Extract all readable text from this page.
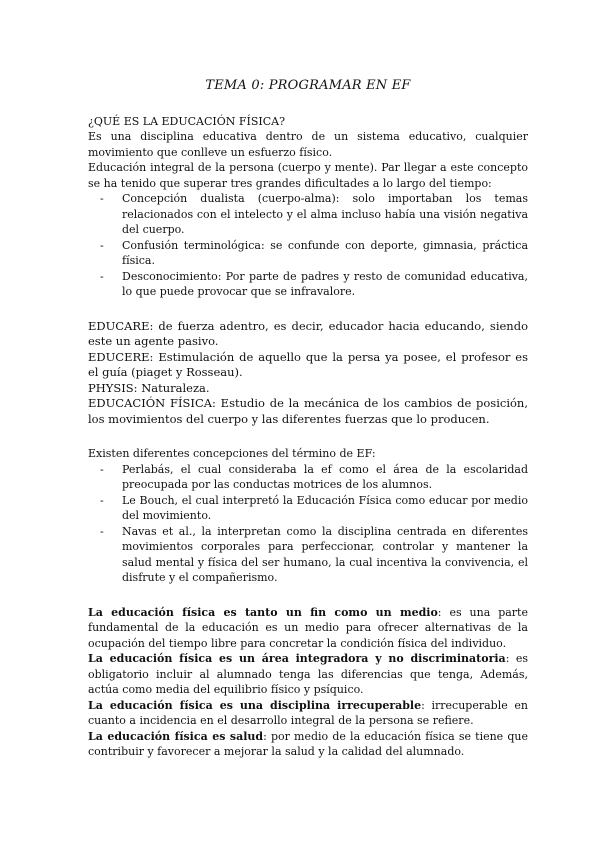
TEMA 0: PROGRAMAR EN EF

¿QUÉ ES LA EDUCACIÓN FÍSICA?

Es una disciplina educativa dentro de un sistema educativo, cualquier movimiento que conlleve un esfuerzo físico.

Educación integral de la persona (cuerpo y mente). Par llegar a este concepto se ha tenido que superar tres grandes dificultades a lo largo del tiempo:

- Concepción dualista (cuerpo-alma): solo importaban los temas relacionados con el intelecto y el alma incluso había una visión negativa del cuerpo.
- Confusión terminológica: se confunde con deporte, gimnasia, práctica física.
- Desconocimiento: Por parte de padres y resto de comunidad educativa, lo que puede provocar que se infravalore.

EDUCARE: de fuerza adentro, es decir, educador hacia educando, siendo este un agente pasivo.

EDUCERE: Estimulación de aquello que la persa ya posee, el profesor es el guía (piaget y Rosseau).

PHYSIS: Naturaleza.

EDUCACIÓN FÍSICA: Estudio de la mecánica de los cambios de posición, los movimientos del cuerpo y las diferentes fuerzas que lo producen.

Existen diferentes concepciones del término de EF:

- Perlabás, el cual consideraba la ef como el área de la escolaridad preocupada por las conductas motrices de los alumnos.
- Le Bouch, el cual interpretó la Educación Física como educar por medio del movimiento.
- Navas et al., la interpretan como la disciplina centrada en diferentes movimientos corporales para perfeccionar, controlar y mantener la salud mental y física del ser humano, la cual incentiva la convivencia, el disfrute y el compañerismo.

La educación física es tanto un fin como un medio: es una parte fundamental de la educación es un medio para ofrecer alternativas de la ocupación del tiempo libre para concretar la condición física del individuo.

La educación física es un área integradora y no discriminatoria: es obligatorio incluir al alumnado tenga las diferencias que tenga, Además, actúa como media del equilibrio físico y psíquico.

La educación física es una disciplina irrecuperable: irrecuperable en cuanto a incidencia en el desarrollo integral de la persona se refiere.

La educación física es salud: por medio de la educación física se tiene que contribuir y favorecer a mejorar la salud y la calidad del alumnado.
